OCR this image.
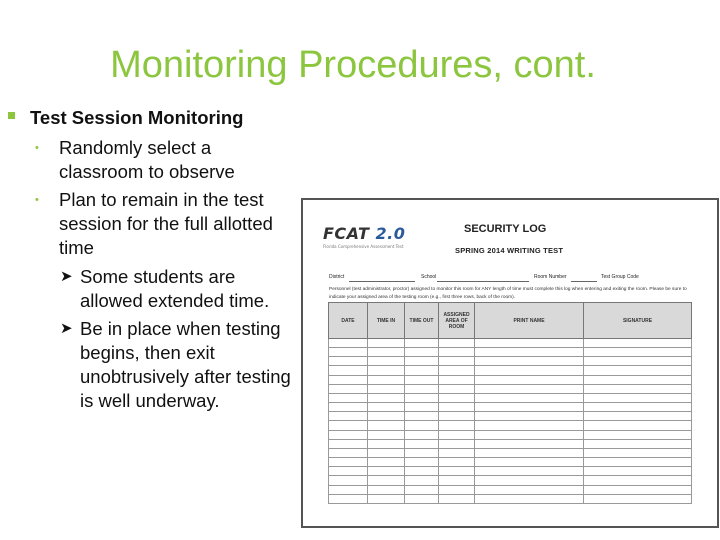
Monitoring Procedures, cont.
Test Session Monitoring
• Randomly select a classroom to observe
• Plan to remain in the test session for the full allotted time
➤ Some students are allowed extended time.
➤ Be in place when testing begins, then exit unobtrusively after testing is well underway.
FCAT 2.0
Florida Comprehensive Assessment Test
SECURITY LOG
SPRING 2014 WRITING TEST
District	School	Room Number	Test Group Code
Personnel (test administrator, proctor) assigned to monitor this room for ANY length of time must complete this log when entering and exiting the room. Please be sure to indicate your assigned area of the testing room (e.g., first three rows, back of the room).
DATE	TIME IN	TIME OUT	ASSIGNED AREA OF ROOM	PRINT NAME	SIGNATURE
